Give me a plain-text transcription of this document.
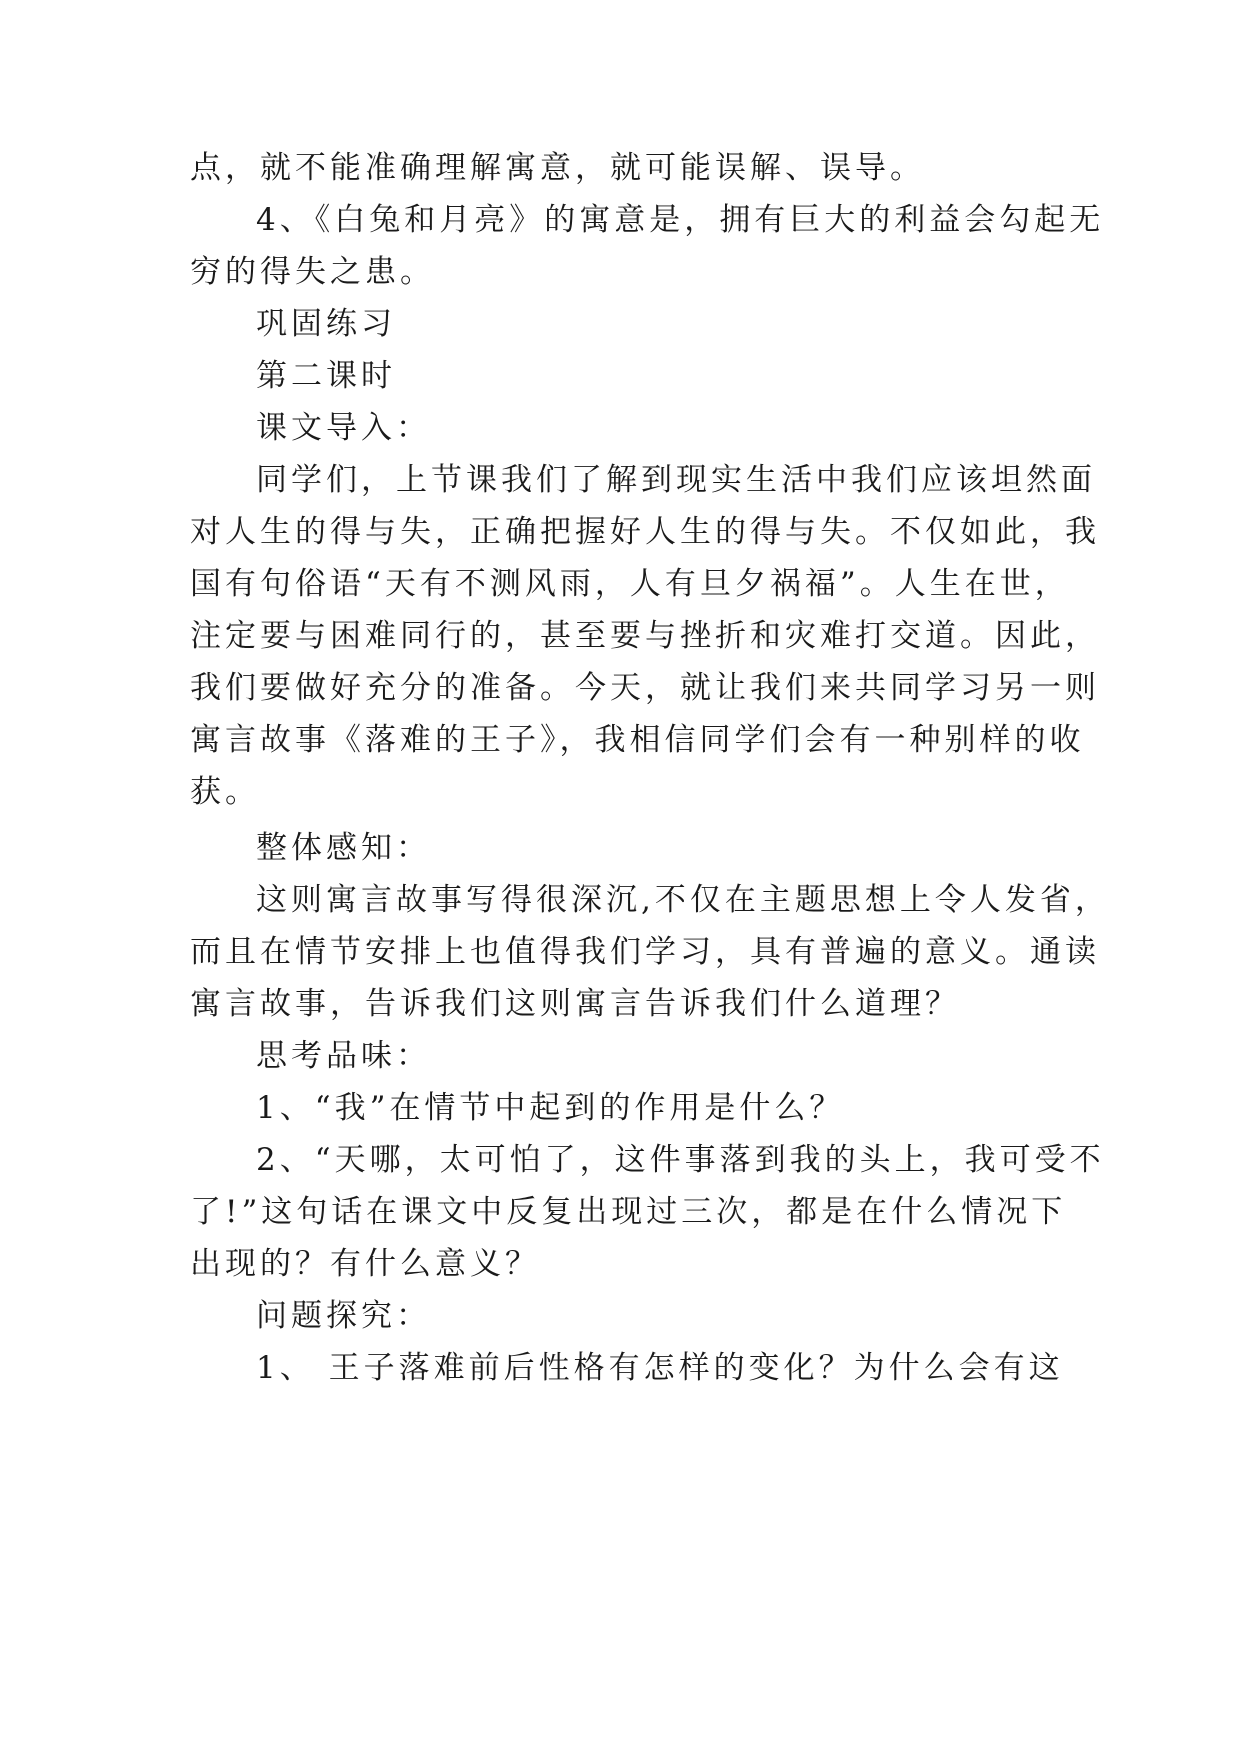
点，就不能准确理解寓意，就可能误解、误导。
4、《白兔和月亮》的寓意是，拥有巨大的利益会勾起无
穷的得失之患。
巩固练习
第二课时
课文导入：
同学们，上节课我们了解到现实生活中我们应该坦然面
对人生的得与失，正确把握好人生的得与失。不仅如此，我
国有句俗语“天有不测风雨，人有旦夕祸福”。人生在世，
注定要与困难同行的，甚至要与挫折和灾难打交道。因此，
我们要做好充分的准备。今天，就让我们来共同学习另一则
寓言故事《落难的王子》，我相信同学们会有一种别样的收
获。
整体感知：
这则寓言故事写得很深沉,不仅在主题思想上令人发省，
而且在情节安排上也值得我们学习，具有普遍的意义。通读
寓言故事，告诉我们这则寓言告诉我们什么道理？
思考品味：
1、“我”在情节中起到的作用是什么？
2、“天哪，太可怕了，这件事落到我的头上，我可受不
了!”这句话在课文中反复出现过三次，都是在什么情况下
出现的？有什么意义？
问题探究：
1、 王子落难前后性格有怎样的变化？为什么会有这
